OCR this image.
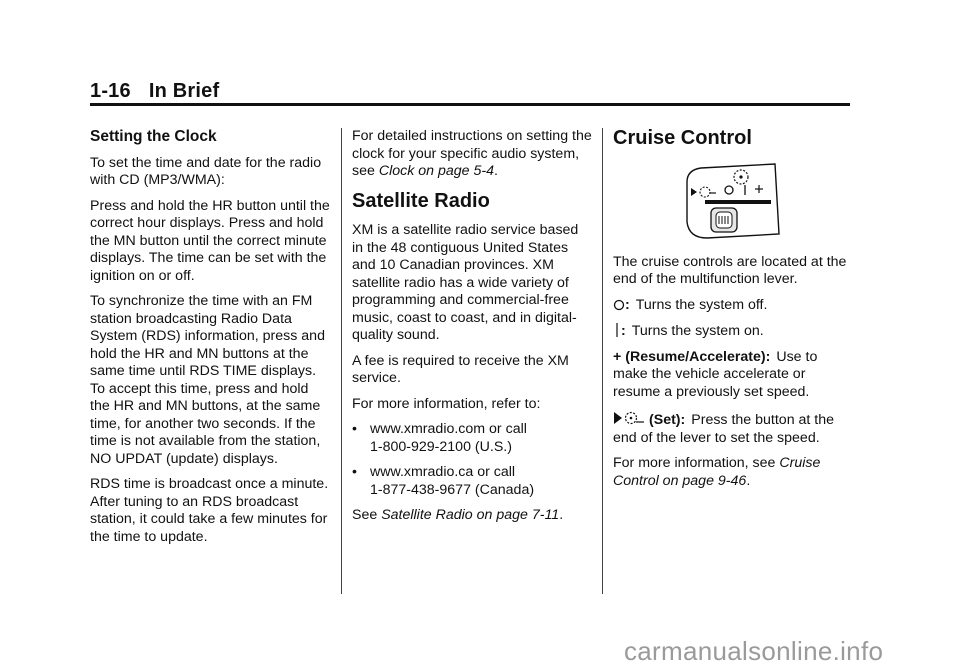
1-16 In Brief
Setting the Clock

To set the time and date for the radio with CD (MP3/WMA):

Press and hold the HR button until the correct hour displays. Press and hold the MN button until the correct minute displays. The time can be set with the ignition on or off.

To synchronize the time with an FM station broadcasting Radio Data System (RDS) information, press and hold the HR and MN buttons at the same time until RDS TIME displays. To accept this time, press and hold the HR and MN buttons, at the same time, for another two seconds. If the time is not available from the station, NO UPDAT (update) displays.

RDS time is broadcast once a minute. After tuning to an RDS broadcast station, it could take a few minutes for the time to update.

For detailed instructions on setting the clock for your specific audio system, see Clock on page 5-4.

Satellite Radio

XM is a satellite radio service based in the 48 contiguous United States and 10 Canadian provinces. XM satellite radio has a wide variety of programming and commercial-free music, coast to coast, and in digital-quality sound.

A fee is required to receive the XM service.

For more information, refer to:

• www.xmradio.com or call
1-800-929-2100 (U.S.)
• www.xmradio.ca or call
1-877-438-9677 (Canada)

See Satellite Radio on page 7-11.

Cruise Control

The cruise controls are located at the end of the multifunction lever.

: Turns the system off.
: Turns the system on.

+ (Resume/Accelerate): Use to make the vehicle accelerate or resume a previously set speed.

(Set): Press the button at the end of the lever to set the speed.

For more information, see Cruise Control on page 9-46.

carmanualsonline.info
